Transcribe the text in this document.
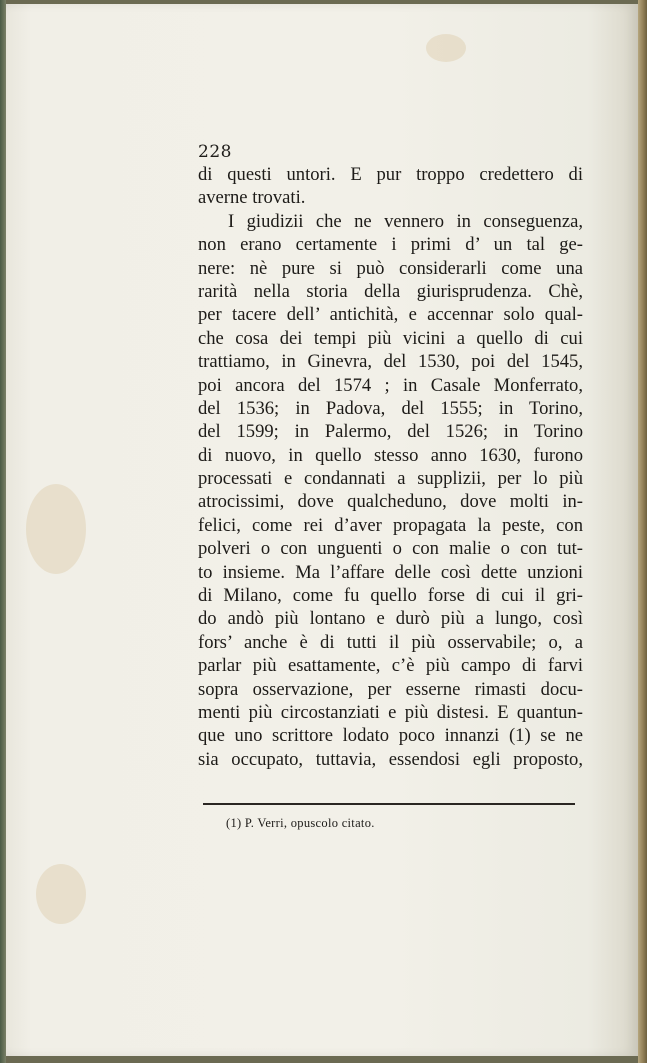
228
di questi untori. E pur troppo credettero di
averne trovati.
I giudizii che ne vennero in conseguenza,
non erano certamente i primi d’ un tal ge-
nere: nè pure si può considerarli come una
rarità nella storia della giurisprudenza. Chè,
per tacere dell’ antichità, e accennar solo qual-
che cosa dei tempi più vicini a quello di cui
trattiamo, in Ginevra, del 1530, poi del 1545,
poi ancora del 1574 ; in Casale Monferrato,
del 1536; in Padova, del 1555; in Torino,
del 1599; in Palermo, del 1526; in Torino
di nuovo, in quello stesso anno 1630, furono
processati e condannati a supplizii, per lo più
atrocissimi, dove qualcheduno, dove molti in-
felici, come rei d’aver propagata la peste, con
polveri o con unguenti o con malie o con tut-
to insieme. Ma l’affare delle così dette unzioni
di Milano, come fu quello forse di cui il gri-
do andò più lontano e durò più a lungo, così
fors’ anche è di tutti il più osservabile; o, a
parlar più esattamente, c’è più campo di farvi
sopra osservazione, per esserne rimasti docu-
menti più circostanziati e più distesi. E quantun-
que uno scrittore lodato poco innanzi (1) se ne
sia occupato, tuttavia, essendosi egli proposto,
(1) P. Verri, opuscolo citato.
